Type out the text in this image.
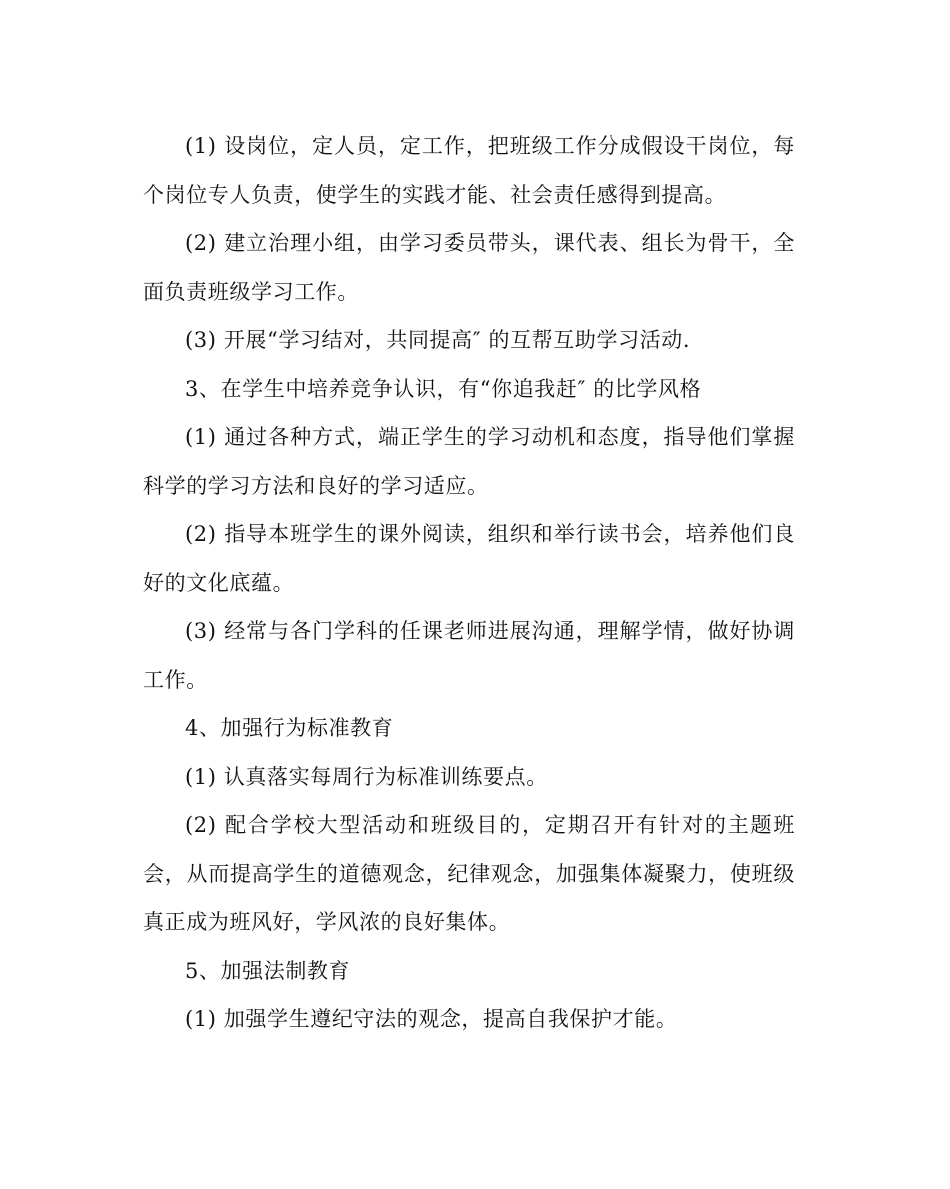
(1) 设岗位，定人员，定工作，把班级工作分成假设干岗位，每个岗位专人负责，使学生的实践才能、社会责任感得到提高。

(2) 建立治理小组，由学习委员带头，课代表、组长为骨干，全面负责班级学习工作。

(3) 开展“学习结对，共同提高″ 的互帮互助学习活动.

3、在学生中培养竞争认识，有“你追我赶″ 的比学风格

(1) 通过各种方式，端正学生的学习动机和态度，指导他们掌握科学的学习方法和良好的学习适应。

(2) 指导本班学生的课外阅读，组织和举行读书会，培养他们良好的文化底蕴。

(3) 经常与各门学科的任课老师进展沟通，理解学情，做好协调工作。

4、加强行为标准教育

(1) 认真落实每周行为标准训练要点。

(2) 配合学校大型活动和班级目的，定期召开有针对的主题班会，从而提高学生的道德观念，纪律观念，加强集体凝聚力，使班级真正成为班风好，学风浓的良好集体。

5、加强法制教育

(1) 加强学生遵纪守法的观念，提高自我保护才能。
